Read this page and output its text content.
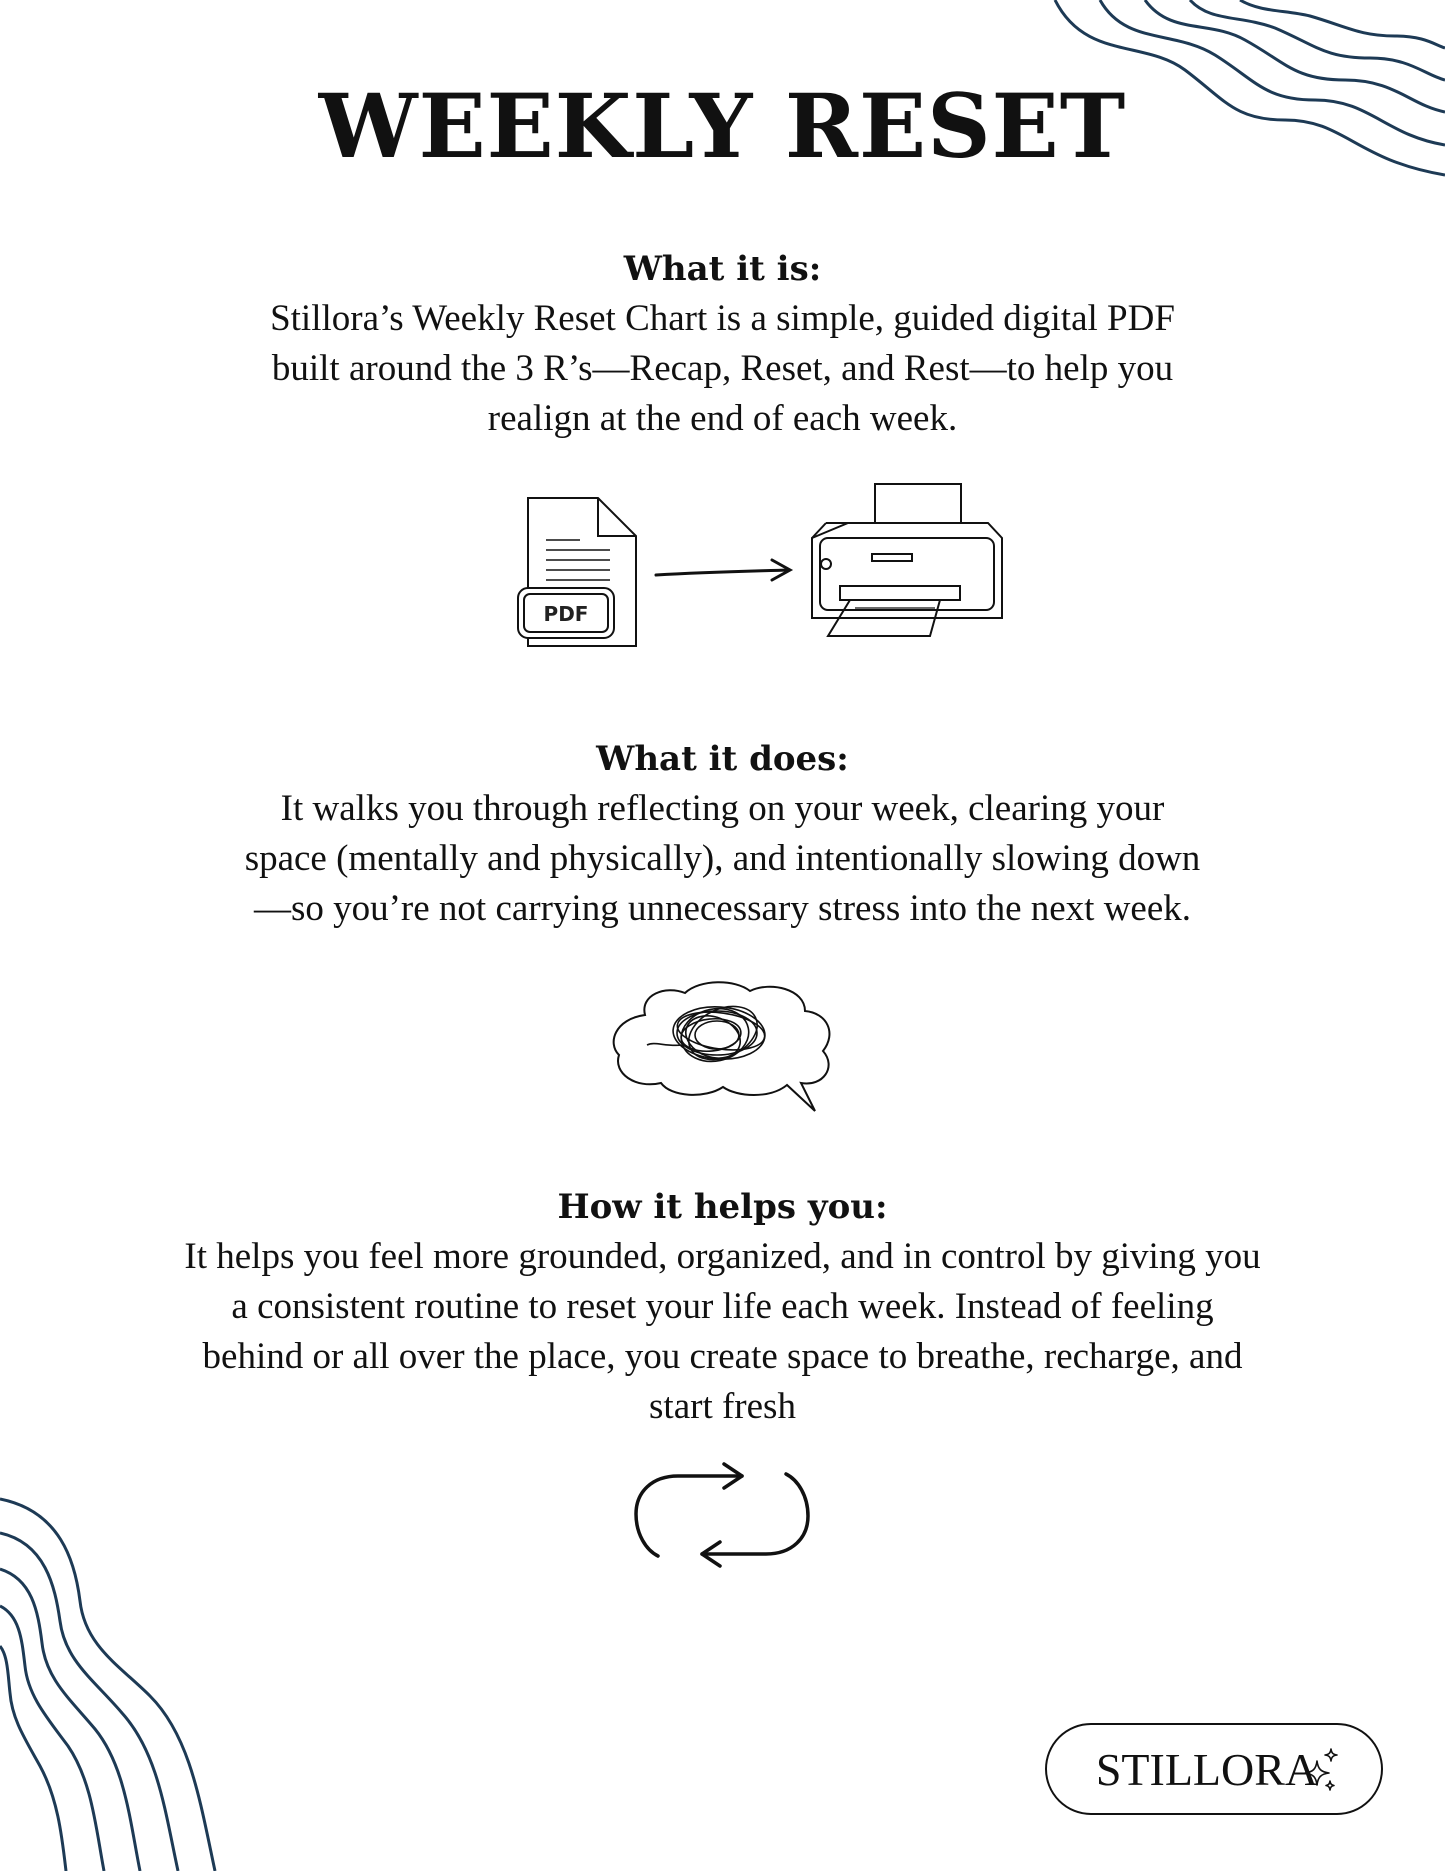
WEEKLY RESET
What it is:
Stillora’s Weekly Reset Chart is a simple, guided digital PDF
built around the 3 R’s—Recap, Reset, and Rest—to help you
realign at the end of each week.
PDF
What it does:
It walks you through reflecting on your week, clearing your
space (mentally and physically), and intentionally slowing down
—so you’re not carrying unnecessary stress into the next week.
How it helps you:
It helps you feel more grounded, organized, and in control by giving you
a consistent routine to reset your life each week. Instead of feeling
behind or all over the place, you create space to breathe, recharge, and
start fresh
STILLORA
